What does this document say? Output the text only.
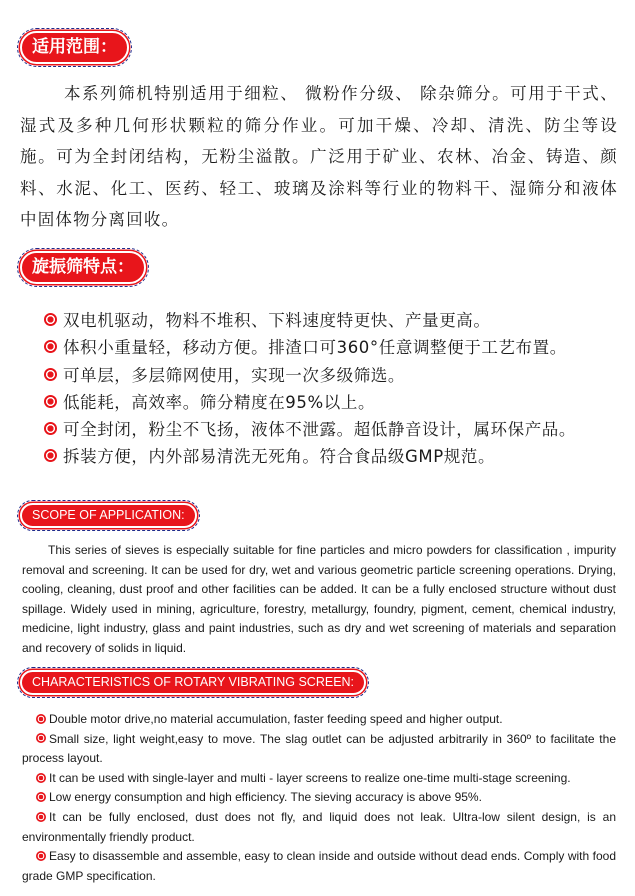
适用范围：

本系列筛机特别适用于细粒、 微粉作分级、 除杂筛分。可用于干式、湿式及多种几何形状颗粒的筛分作业。可加干燥、冷却、清洗、防尘等设施。可为全封闭结构，无粉尘溢散。广泛用于矿业、农林、冶金、铸造、颜料、水泥、化工、医药、轻工、玻璃及涂料等行业的物料干、湿筛分和液体中固体物分离回收。

旋振筛特点：
双电机驱动，物料不堆积、下料速度特更快、产量更高。
体积小重量轻，移动方便。排渣口可360°任意调整便于工艺布置。
可单层，多层筛网使用，实现一次多级筛选。
低能耗，高效率。筛分精度在95%以上。
可全封闭，粉尘不飞扬，液体不泄露。超低静音设计，属环保产品。
拆装方便，内外部易清洗无死角。符合食品级GMP规范。
SCOPE OF APPLICATION:

This series of sieves is especially suitable for fine particles and micro powders for classification , impurity removal and screening. It can be used for dry, wet and various geometric particle screening operations. Drying, cooling, cleaning, dust proof and other facilities can be added. It can be a fully enclosed structure without dust spillage. Widely used in mining, agriculture, forestry, metallurgy, foundry, pigment, cement, chemical industry, medicine, light industry, glass and paint industries, such as dry and wet screening of materials and separation and recovery of solids in liquid.

CHARACTERISTICS OF ROTARY VIBRATING SCREEN:
Double motor drive,no material accumulation, faster feeding speed and higher output.
Small size, light weight,easy to move. The slag outlet can be adjusted arbitrarily in 360º to facilitate the process layout.
It can be used with single-layer and multi - layer screens to realize one-time multi-stage screening.
Low energy consumption and high efficiency. The sieving accuracy is above 95%.
It can be fully enclosed, dust does not fly, and liquid does not leak. Ultra-low silent design, is an environmentally friendly product.
Easy to disassemble and assemble, easy to clean inside and outside without dead ends. Comply with food grade GMP specification.
